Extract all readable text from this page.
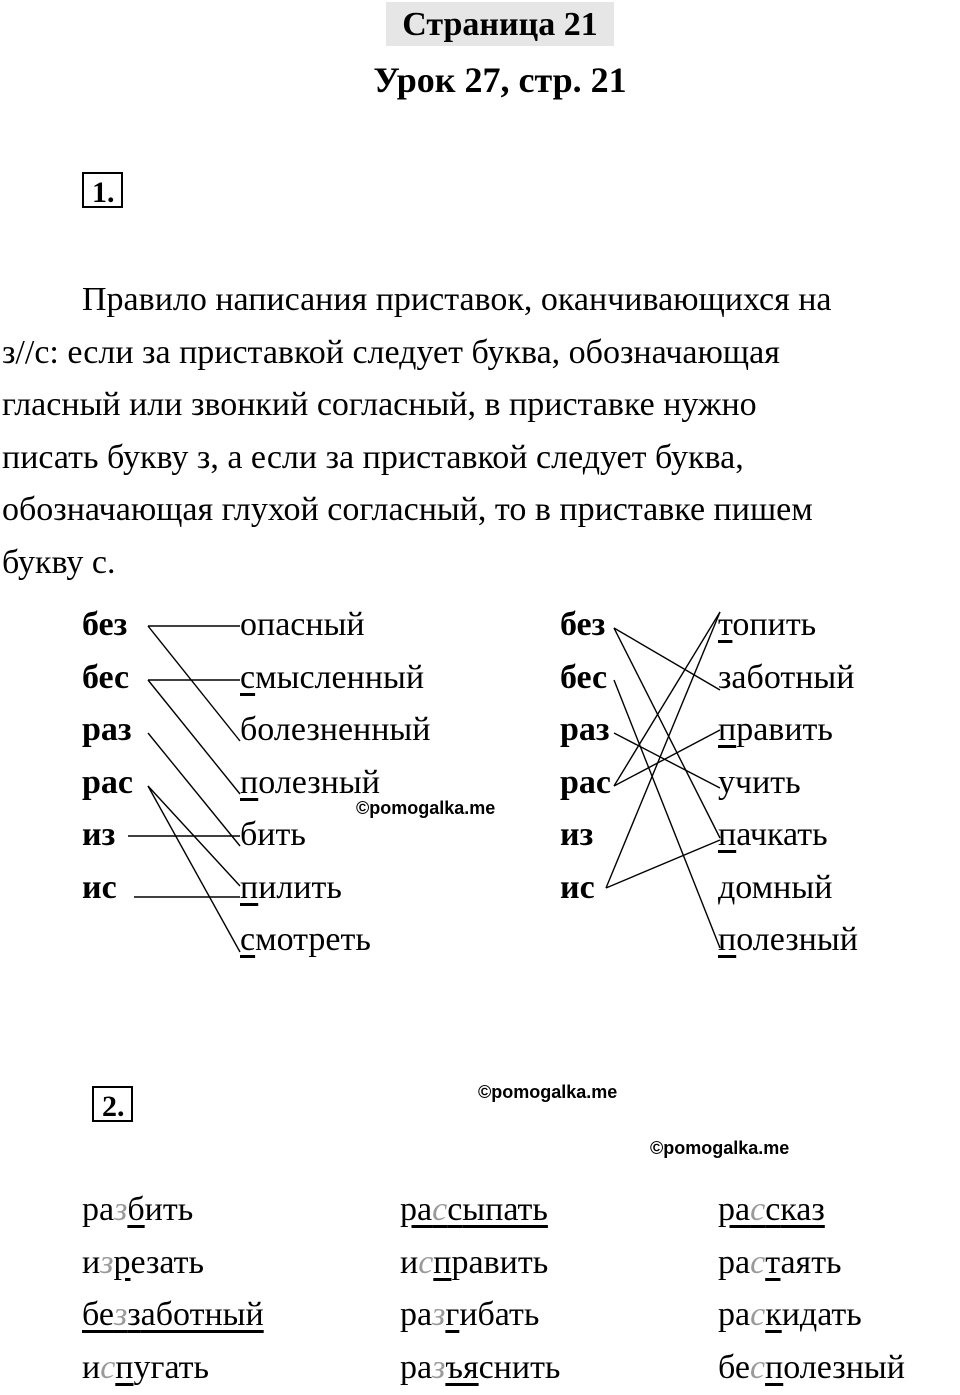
Страница 21
Урок 27, стр. 21
1.
Правило написания приставок, оканчивающихся на
з//с: если за приставкой следует буква, обозначающая
гласный или звонкий согласный, в приставке нужно
писать букву з, а если за приставкой следует буква,
обозначающая глухой согласный, то в приставке пишем
букву с.
без
бес
раз
рас
из
ис
опасный
смысленный
болезненный
полезный
бить
пилить
смотреть
©pomogalka.me
без
бес
раз
рас
из
ис
топить
заботный
править
учить
пачкать
домный
полезный
2.	©pomogalka.me
©pomogalka.me
разбить
изрезать
беззаботный
испугать
рассыпать
исправить
разгибать
разъяснить
рассказ
растаять
раскидать
бесполезный
